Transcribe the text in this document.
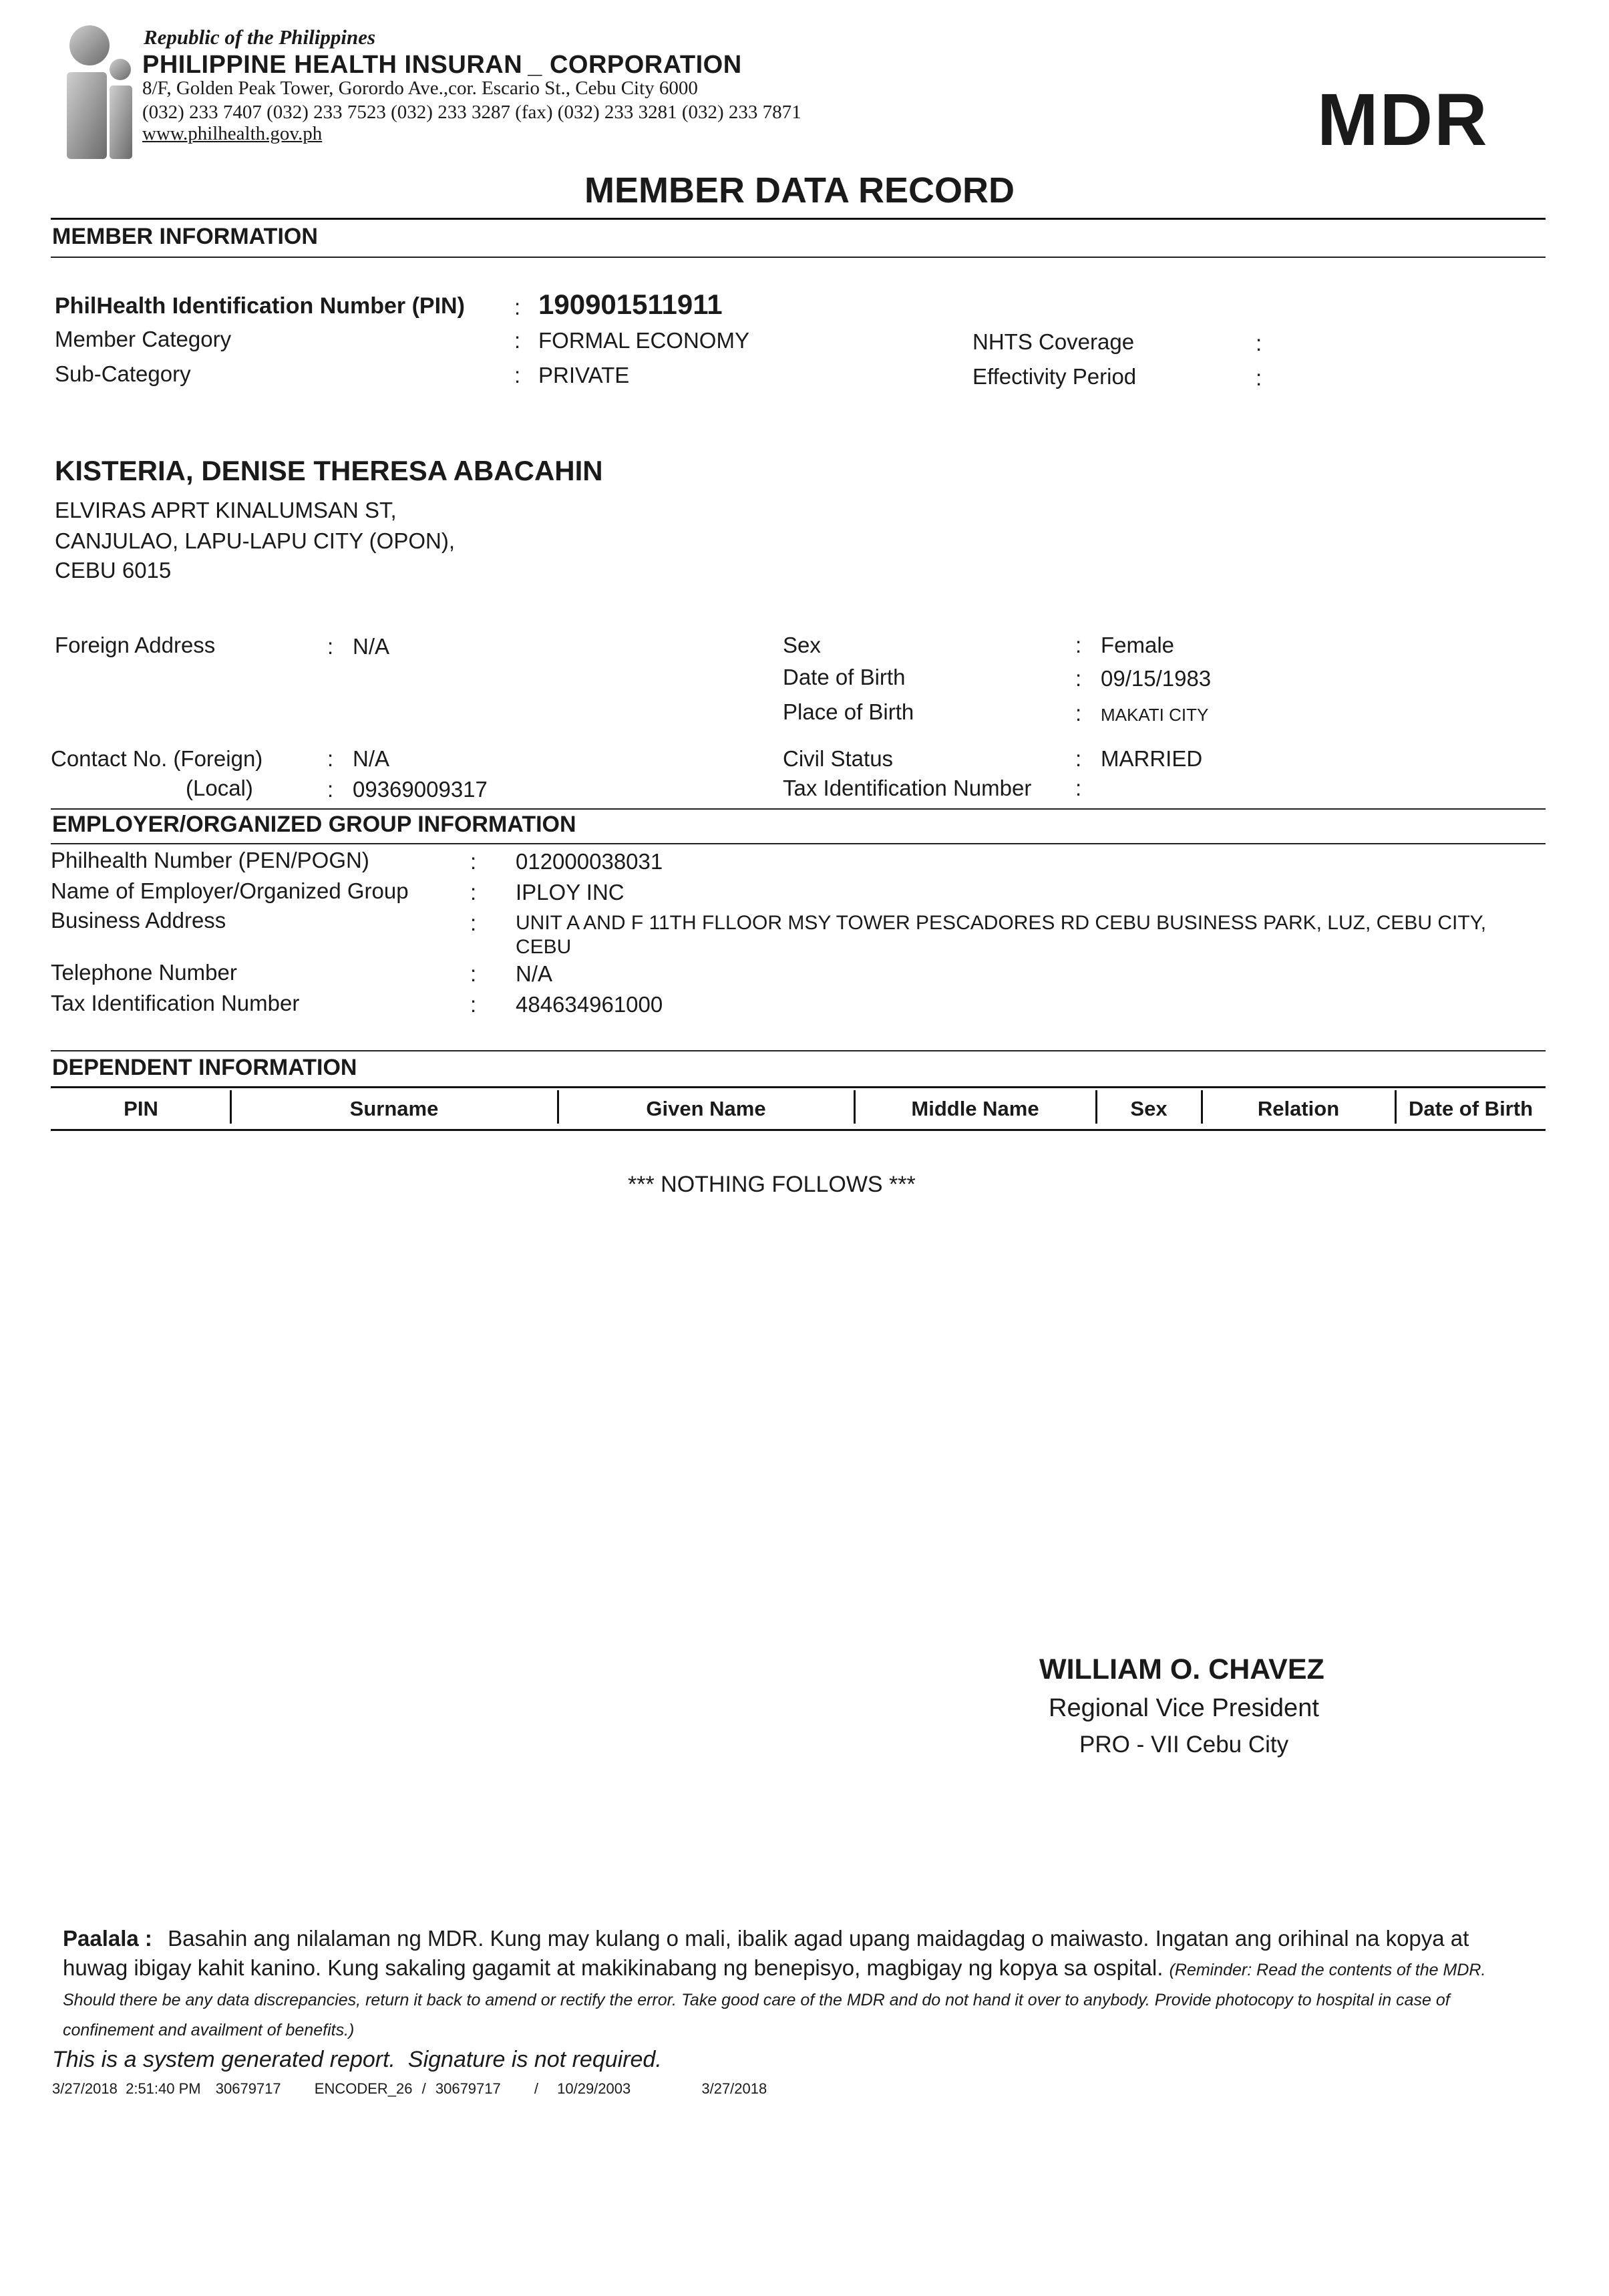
Republic of the Philippines
PHILIPPINE HEALTH INSURAN _ CORPORATION
8/F, Golden Peak Tower, Gorordo Ave.,cor. Escario St., Cebu City 6000
(032) 233 7407 (032) 233 7523 (032) 233 3287 (fax) (032) 233 3281 (032) 233 7871
www.philhealth.gov.ph	MDR
MEMBER DATA RECORD
MEMBER INFORMATION
PhilHealth Identification Number (PIN) : 190901511911
Member Category	: FORMAL ECONOMY
Sub-Category	: PRIVATE
NHTS Coverage	:
Effectivity Period	:
KISTERIA, DENISE THERESA ABACAHIN
ELVIRAS APRT KINALUMSAN ST,
CANJULAO, LAPU-LAPU CITY (OPON),
CEBU 6015
Foreign Address	: N/A	Sex	: Female
Date of Birth	: 09/15/1983
Place of Birth	: MAKATI CITY
Contact No. (Foreign)	: N/A
(Local)	: 09369009317
Civil Status	: MARRIED
Tax Identification Number :
EMPLOYER/ORGANIZED GROUP INFORMATION
Philhealth Number (PEN/POGN)	: 012000038031
Name of Employer/Organized Group	: IPLOY INC
Business Address	: UNIT A AND F 11TH FLLOOR MSY TOWER PESCADORES RD CEBU BUSINESS PARK, LUZ, CEBU CITY,
CEBU
Telephone Number	: N/A
Tax Identification Number	: 484634961000
DEPENDENT INFORMATION
PIN	Surname	Given Name	Middle Name	Sex	Relation	Date of Birth
*** NOTHING FOLLOWS ***
WILLIAM O. CHAVEZ
Regional Vice President
PRO - VII Cebu City
Paalala : Basahin ang nilalaman ng MDR. Kung may kulang o mali, ibalik agad upang maidagdag o maiwasto. Ingatan ang orihinal na kopya at huwag ibigay kahit kanino. Kung sakaling gagamit at makikinabang ng benepisyo, magbigay ng kopya sa ospital. (Reminder: Read the contents of the MDR. Should there be any data discrepancies, return it back to amend or rectify the error. Take good care of the MDR and do not hand it over to anybody. Provide photocopy to hospital in case of confinement and availment of benefits.)
This is a system generated report.  Signature is not required.
3/27/2018  2:51:40 PM 30679717 ENCODER_26 / 30679717 / 10/29/2003	3/27/2018
